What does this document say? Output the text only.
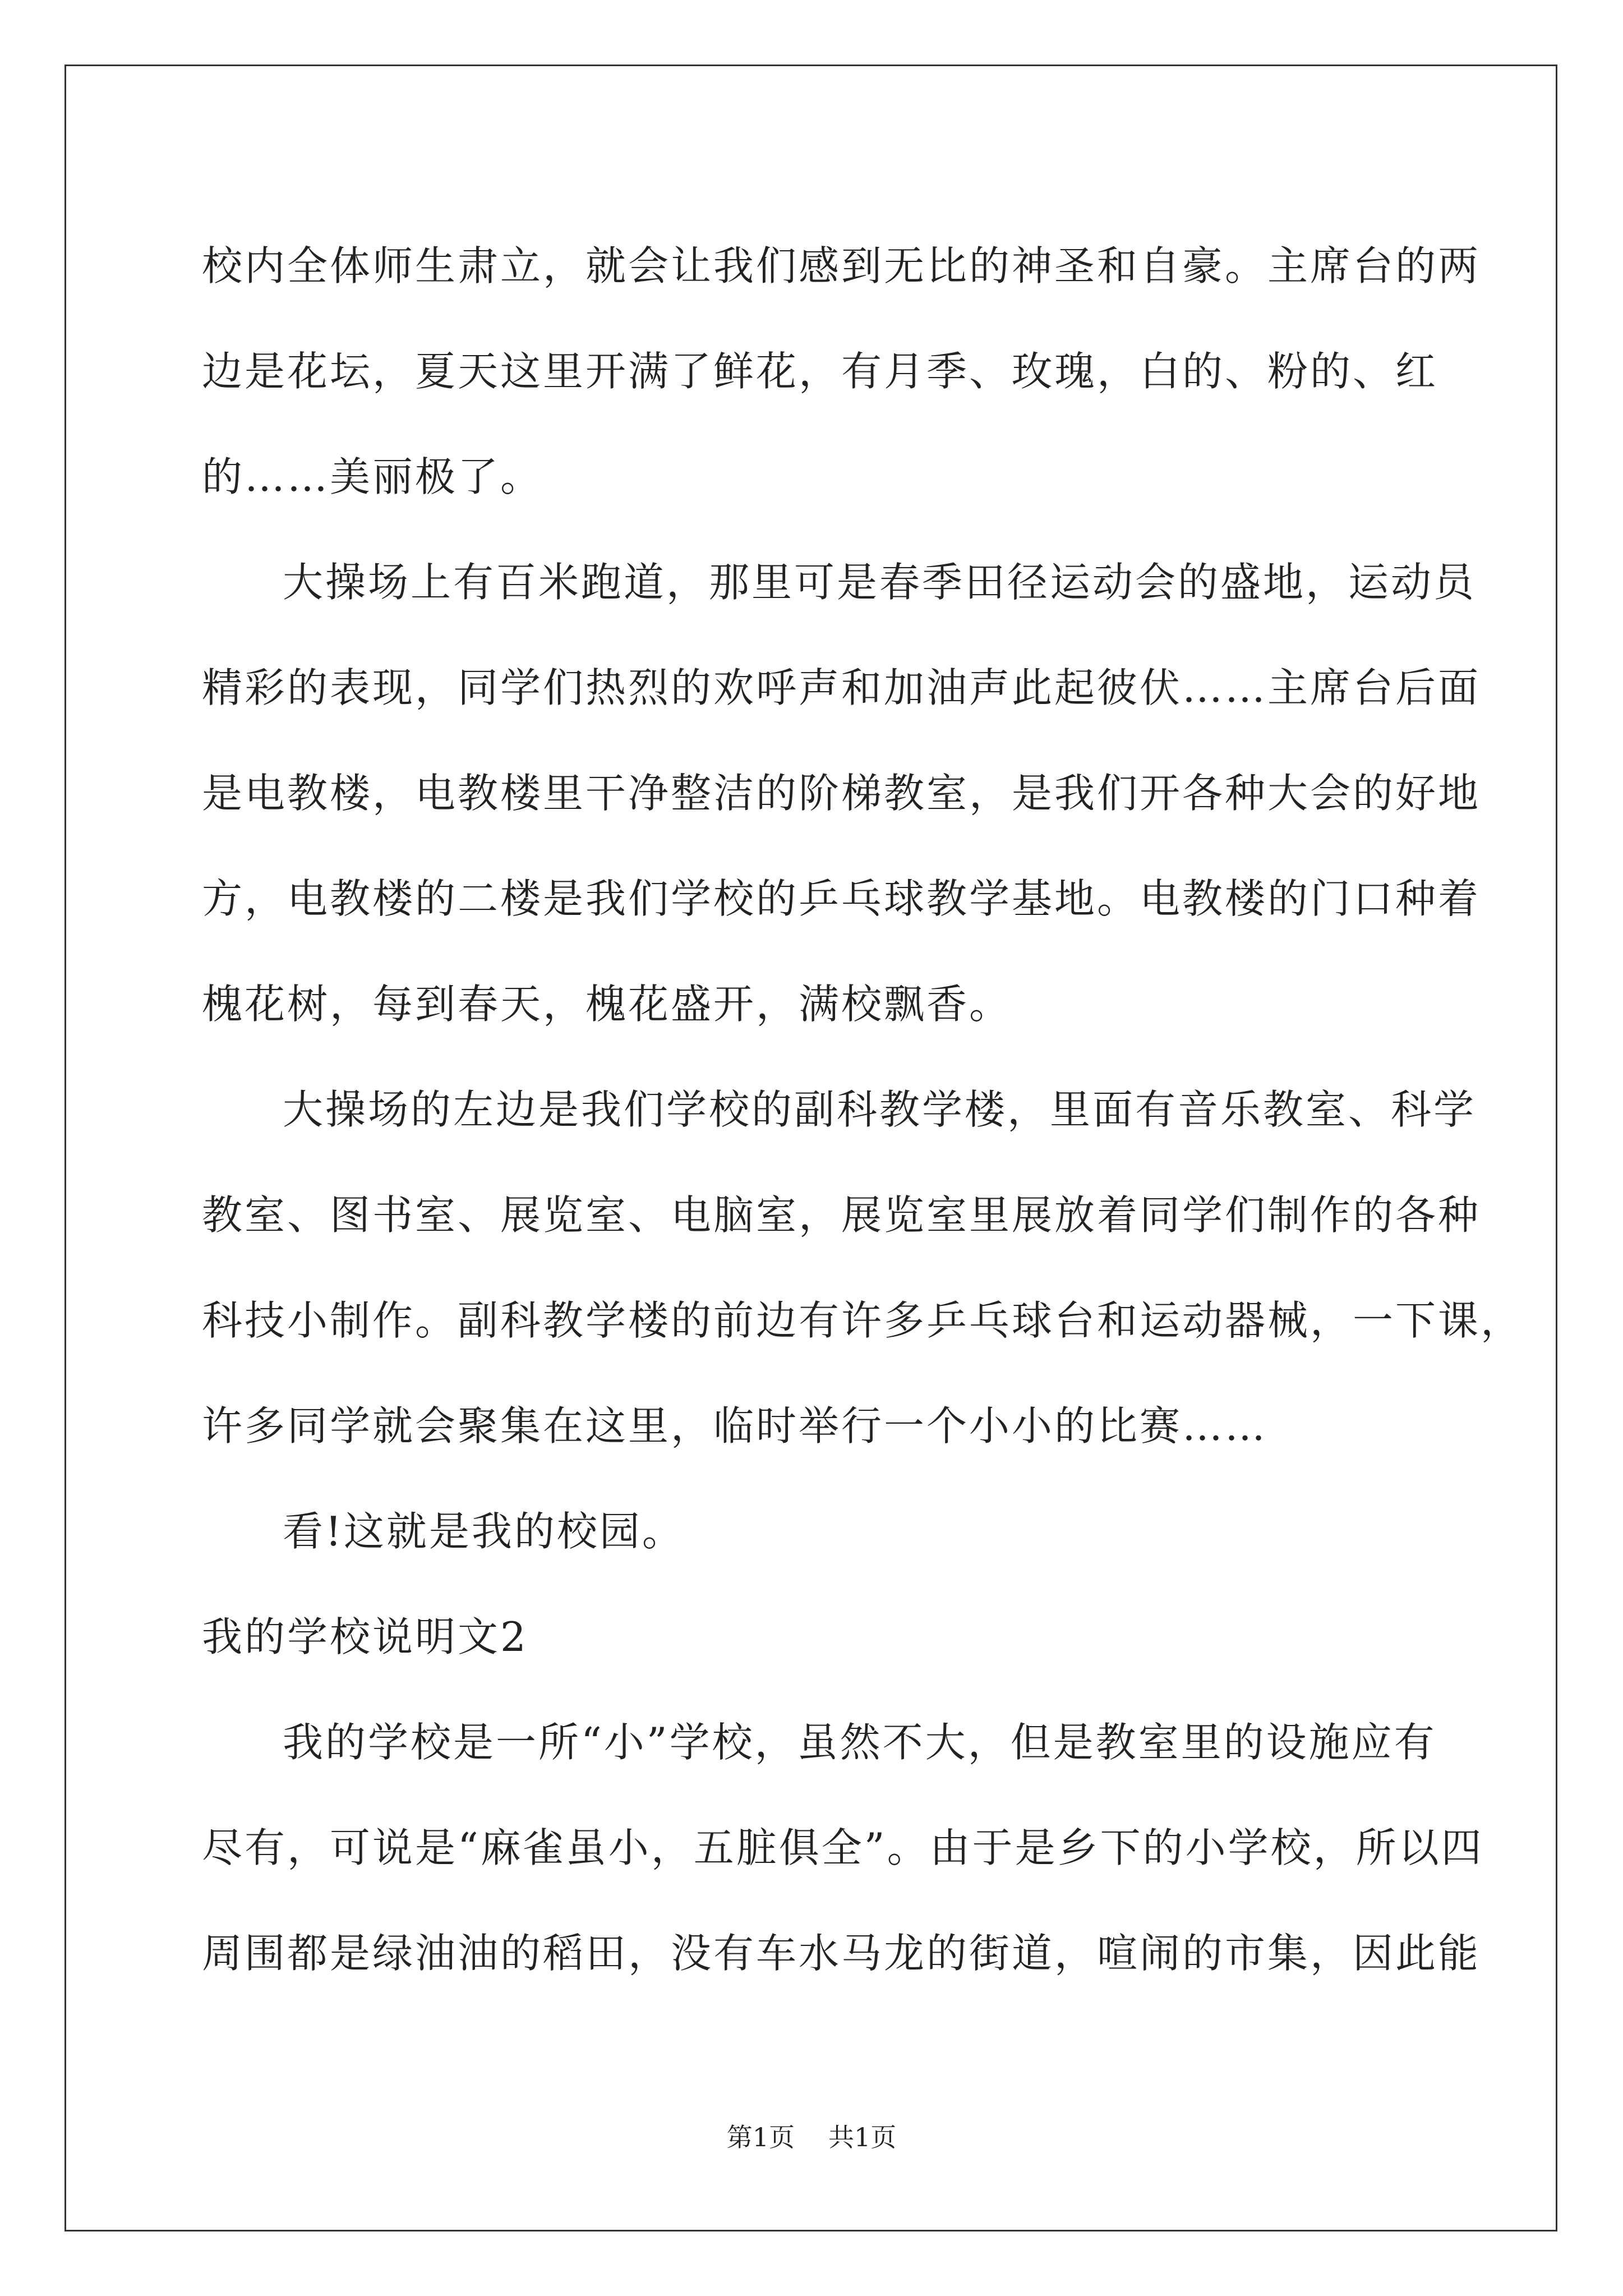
校内全体师生肃立，就会让我们感到无比的神圣和自豪。主席台的两
边是花坛，夏天这里开满了鲜花，有月季、玫瑰，白的、粉的、红
的……美丽极了。
大操场上有百米跑道，那里可是春季田径运动会的盛地，运动员
精彩的表现，同学们热烈的欢呼声和加油声此起彼伏……主席台后面
是电教楼，电教楼里干净整洁的阶梯教室，是我们开各种大会的好地
方，电教楼的二楼是我们学校的乒乓球教学基地。电教楼的门口种着
槐花树，每到春天，槐花盛开，满校飘香。
大操场的左边是我们学校的副科教学楼，里面有音乐教室、科学
教室、图书室、展览室、电脑室，展览室里展放着同学们制作的各种
科技小制作。副科教学楼的前边有许多乒乓球台和运动器械，一下课，
许多同学就会聚集在这里，临时举行一个小小的比赛……
看!这就是我的校园。
我的学校说明文2
我的学校是一所“小”学校，虽然不大，但是教室里的设施应有
尽有，可说是“麻雀虽小，五脏俱全”。由于是乡下的小学校，所以四
周围都是绿油油的稻田，没有车水马龙的街道，喧闹的市集，因此能
第1页 共1页
